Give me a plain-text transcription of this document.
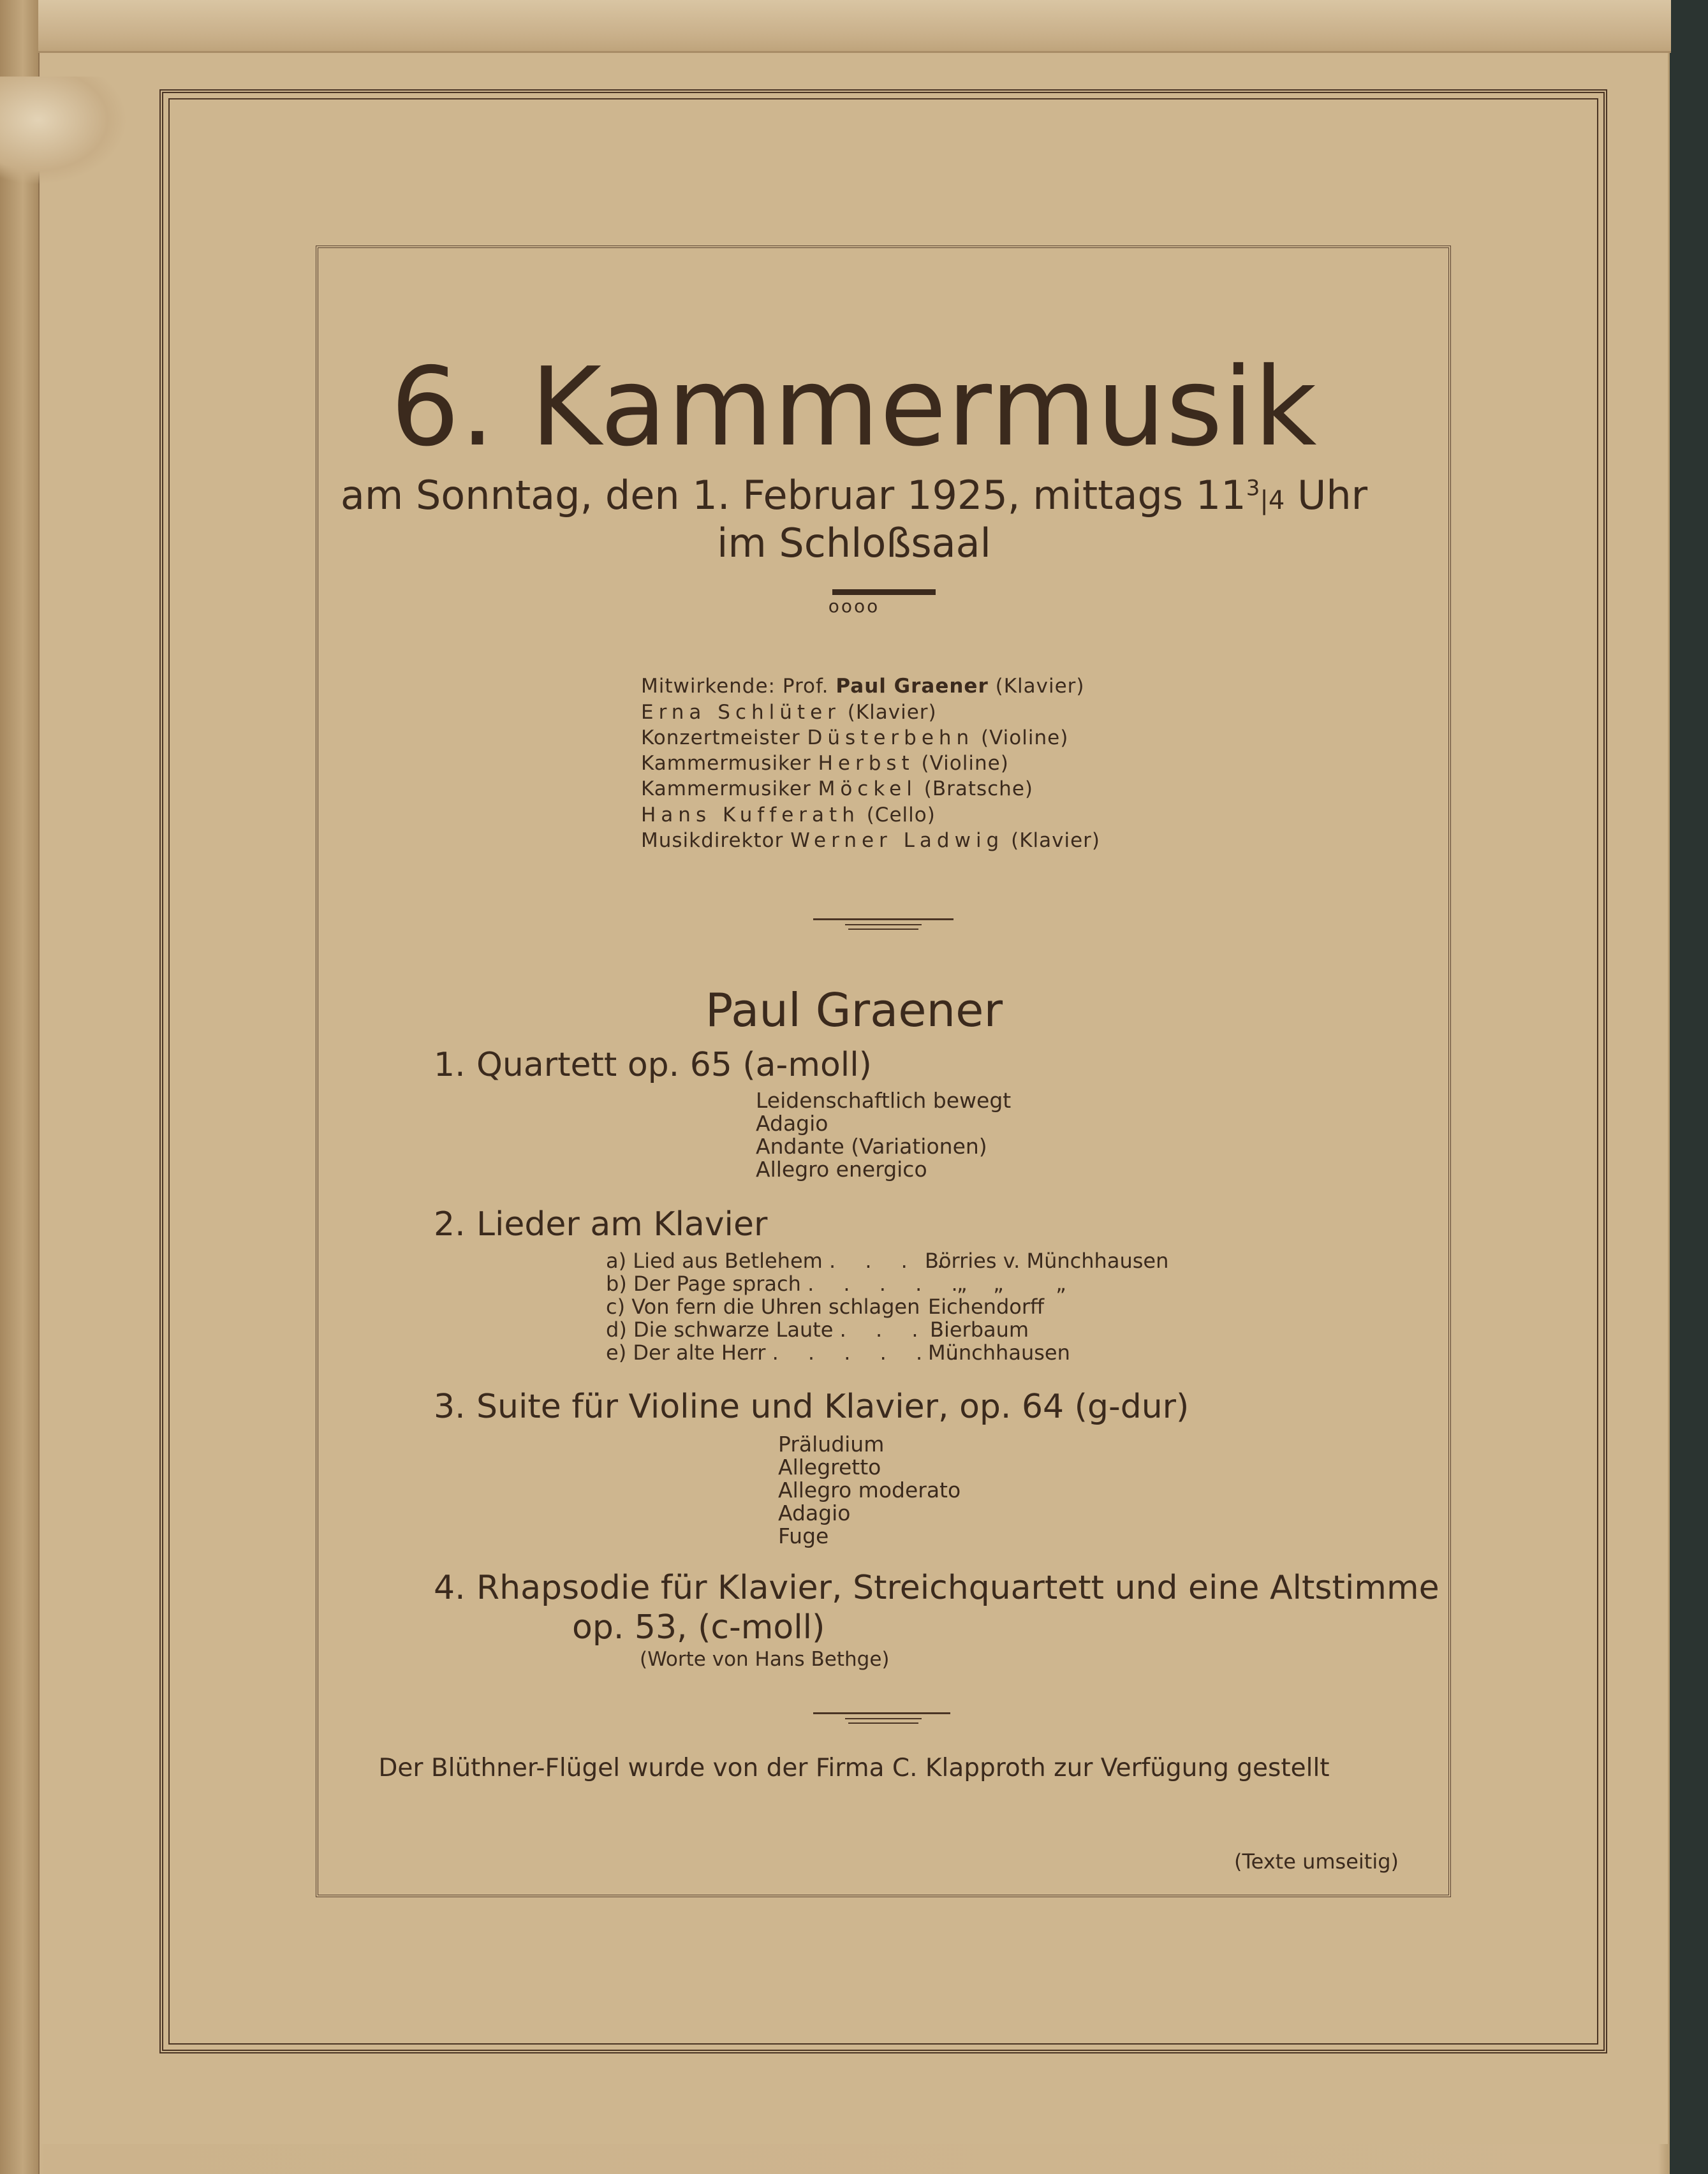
6. Kammermusik
am Sonntag, den 1. Februar 1925, mittags $11^3|4$ Uhr
im Schloßsaal
oooo
Mitwirkende: Prof. Paul Graener (Klavier)
Erna Schlüter (Klavier)
Konzertmeister Düsterbehn (Violine)
Kammermusiker Herbst (Violine)
Kammermusiker Möckel (Bratsche)
Hans Kufferath (Cello)
Musikdirektor Werner Ladwig (Klavier)
Paul Graener
1. Quartett op. 65 (a-moll)
Leidenschaftlich bewegt
Adagio
Andante (Variationen)
Allegro energico
2. Lieder am Klavier
a) Lied aus Betlehem . . . .
Börries v. Münchhausen
b) Der Page sprach . . . . .
„    „        „
c) Von fern die Uhren schlagen Eichendorff
d) Die schwarze Laute . . . Bierbaum
e) Der alte Herr . . . . . .
Münchhausen
3. Suite für Violine und Klavier, op. 64 (g-dur)
Präludium
Allegretto
Allegro moderato
Adagio
Fuge
4. Rhapsodie für Klavier, Streichquartett und eine Altstimme
op. 53, (c-moll)
(Worte von Hans Bethge)
Der Blüthner-Flügel wurde von der Firma C. Klapproth zur Verfügung gestellt
(Texte umseitig)
